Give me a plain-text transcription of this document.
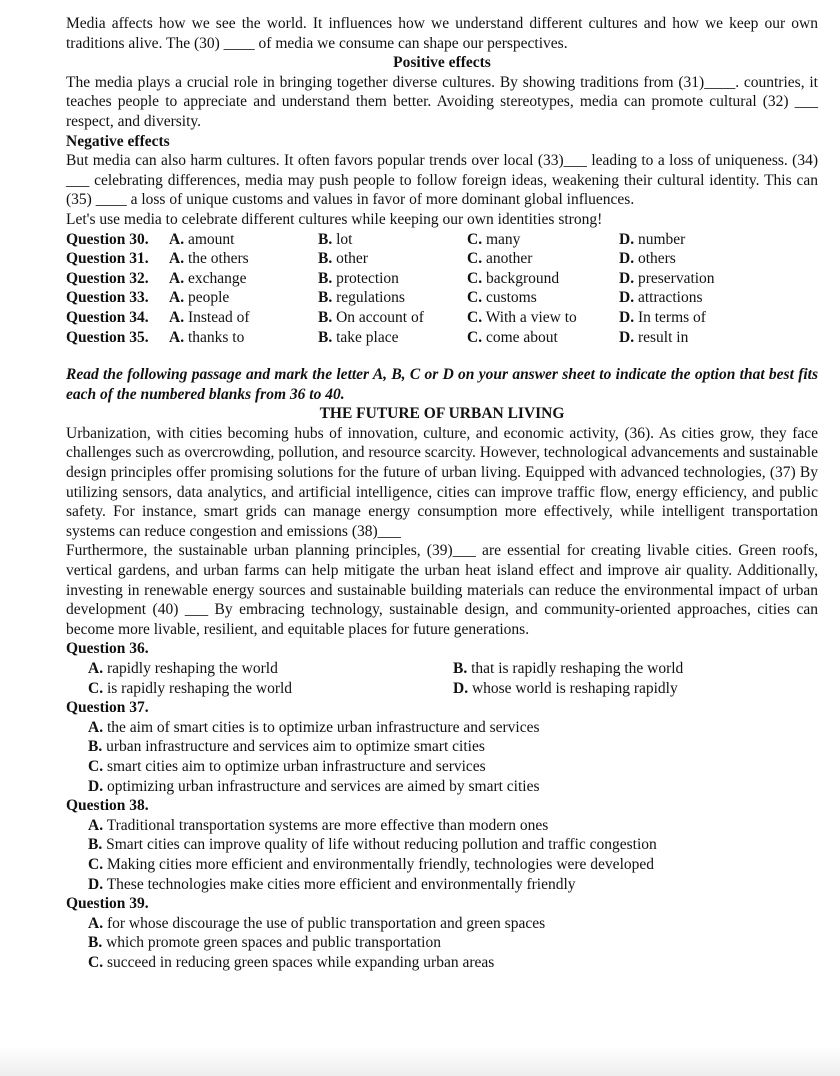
Media affects how we see the world. It influences how we understand different cultures and how we keep our own traditions alive. The (30) ____ of media we consume can shape our perspectives.

Positive effects

The media plays a crucial role in bringing together diverse cultures. By showing traditions from (31)____. countries, it teaches people to appreciate and understand them better. Avoiding stereotypes, media can promote cultural (32) ___ respect, and diversity.

Negative effects

But media can also harm cultures. It often favors popular trends over local (33)___ leading to a loss of uniqueness. (34) ___ celebrating differences, media may push people to follow foreign ideas, weakening their cultural identity. This can (35) ____ a loss of unique customs and values in favor of more dominant global influences.

Let's use media to celebrate different cultures while keeping our own identities strong!

Question 30.	A. amount	B. lot	C. many	D. number
Question 31.	A. the others	B. other	C. another	D. others
Question 32.	A. exchange	B. protection	C. background	D. preservation
Question 33.	A. people	B. regulations	C. customs	D. attractions
Question 34.	A. Instead of	B. On account of	C. With a view to	D. In terms of
Question 35.	A. thanks to	B. take place	C. come about	D. result in

Read the following passage and mark the letter A, B, C or D on your answer sheet to indicate the option that best fits each of the numbered blanks from 36 to 40.

THE FUTURE OF URBAN LIVING

Urbanization, with cities becoming hubs of innovation, culture, and economic activity, (36). As cities grow, they face challenges such as overcrowding, pollution, and resource scarcity. However, technological advancements and sustainable design principles offer promising solutions for the future of urban living. Equipped with advanced technologies, (37) By utilizing sensors, data analytics, and artificial intelligence, cities can improve traffic flow, energy efficiency, and public safety. For instance, smart grids can manage energy consumption more effectively, while intelligent transportation systems can reduce congestion and emissions (38)___

Furthermore, the sustainable urban planning principles, (39)___ are essential for creating livable cities. Green roofs, vertical gardens, and urban farms can help mitigate the urban heat island effect and improve air quality. Additionally, investing in renewable energy sources and sustainable building materials can reduce the environmental impact of urban development (40) ___ By embracing technology, sustainable design, and community-oriented approaches, cities can become more livable, resilient, and equitable places for future generations.

Question 36.

A. rapidly reshaping the world	B. that is rapidly reshaping the world
C. is rapidly reshaping the world	D. whose world is reshaping rapidly

Question 37.

A. the aim of smart cities is to optimize urban infrastructure and services
B. urban infrastructure and services aim to optimize smart cities
C. smart cities aim to optimize urban infrastructure and services
D. optimizing urban infrastructure and services are aimed by smart cities

Question 38.

A. Traditional transportation systems are more effective than modern ones
B. Smart cities can improve quality of life without reducing pollution and traffic congestion
C. Making cities more efficient and environmentally friendly, technologies were developed
D. These technologies make cities more efficient and environmentally friendly

Question 39.

A. for whose discourage the use of public transportation and green spaces
B. which promote green spaces and public transportation
C. succeed in reducing green spaces while expanding urban areas
